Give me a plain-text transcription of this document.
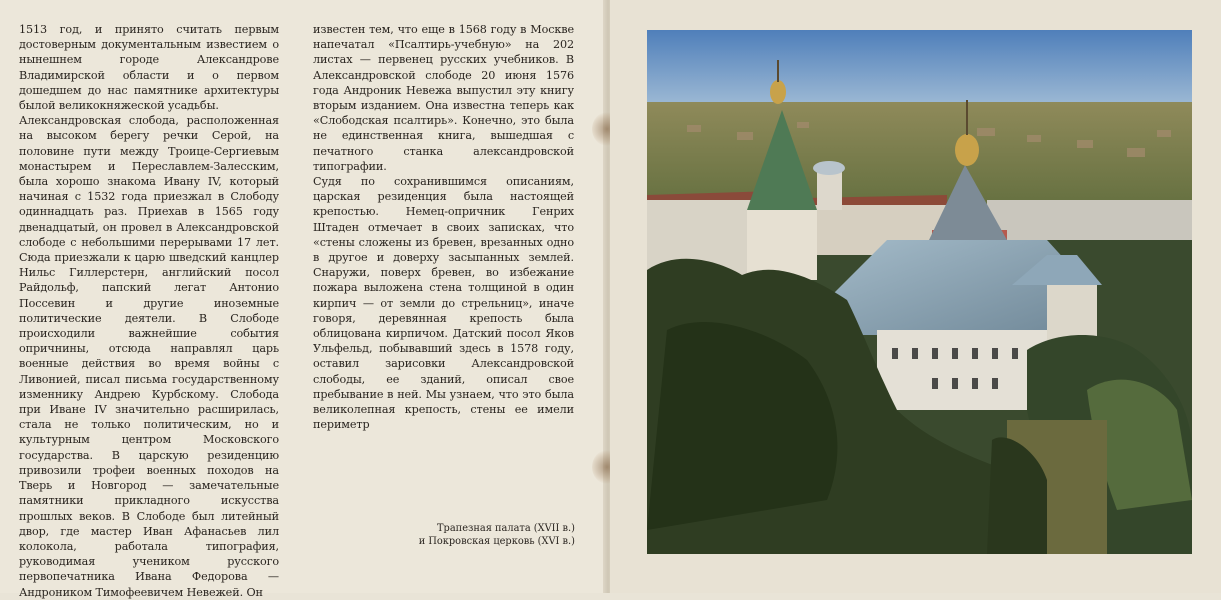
1513 год, и принято считать первым достоверным документальным известием о нынешнем городе Александрове Владимирской области и о первом дошедшем до нас памятнике архитектуры былой великокняжеской усадьбы.

Александровская слобода, расположенная на высоком берегу речки Серой, на половине пути между Троице-Сергиевым монастырем и Переславлем-Залесским, была хорошо знакома Ивану IV, который начиная с 1532 года приезжал в Слободу одиннадцать раз. Приехав в 1565 году двенадцатый, он провел в Александровской слободе с небольшими перерывами 17 лет. Сюда приезжали к царю шведский канцлер Нильс Гиллерстерн, английский посол Райдольф, папский легат Антонио Поссевин и другие иноземные политические деятели. В Слободе происходили важнейшие события опричнины, отсюда направлял царь военные действия во время войны с Ливонией, писал письма государственному изменнику Андрею Курбскому. Слобода при Иване IV значительно расширилась, стала не только политическим, но и культурным центром Московского государства. В царскую резиденцию привозили трофеи военных походов на Тверь и Новгород — замечательные памятники прикладного искусства прошлых веков. В Слободе был литейный двор, где мастер Иван Афанасьев лил колокола, работала типография, руководимая учеником русского первопечатника Ивана Федорова — Андроником Тимофеевичем Невежей. Он

известен тем, что еще в 1568 году в Москве напечатал «Псалтирь-учебную» на 202 листах — первенец русских учебников. В Александровской слободе 20 июня 1576 года Андроник Невежа выпустил эту книгу вторым изданием. Она известна теперь как «Слободская псалтирь». Конечно, это была не единственная книга, вышедшая с печатного станка александровской типографии.

Судя по сохранившимся описаниям, царская резиденция была настоящей крепостью. Немец-опричник Генрих Штаден отмечает в своих записках, что «стены сложены из бревен, врезанных одно в другое и доверху засыпанных землей. Снаружи, поверх бревен, во избежание пожара выложена стена толщиной в один кирпич — от земли до стрельниц», иначе говоря, деревянная крепость была облицована кирпичом. Датский посол Яков Ульфельд, побывавший здесь в 1578 году, оставил зарисовки Александровской слободы, ее зданий, описал свое пребывание в ней. Мы узнаем, что это была великолепная крепость, стены ее имели периметр

Трапезная палата (XVII в.)
и Покровская церковь (XVI в.)
